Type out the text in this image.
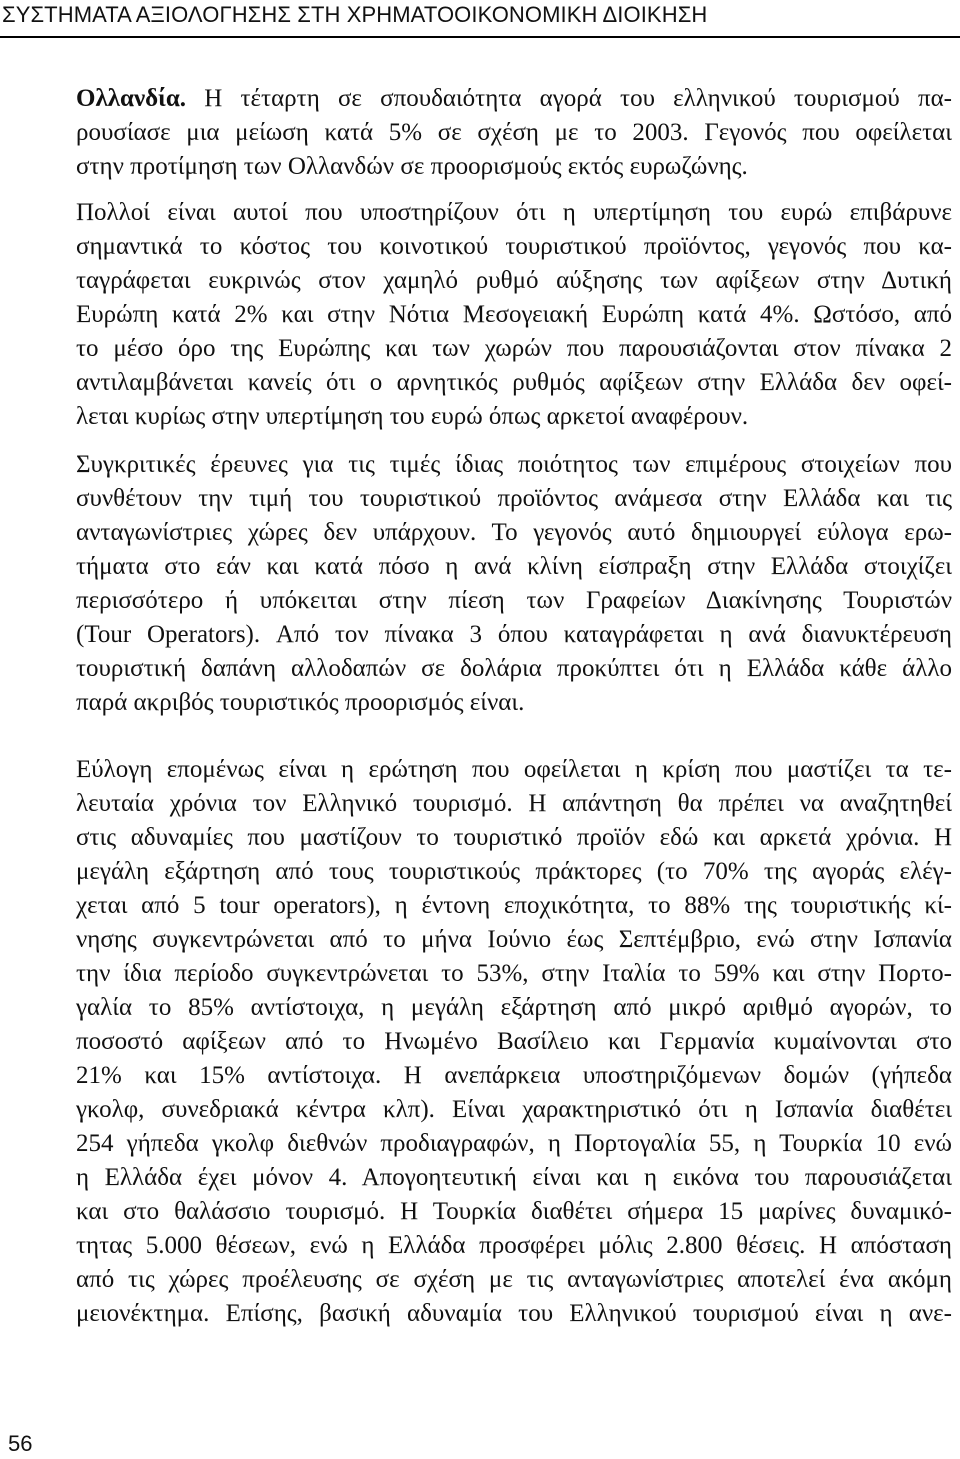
ΣΥΣΤΗΜΑΤΑ ΑΞΙΟΛΟΓΗΣΗΣ ΣΤΗ ΧΡΗΜΑΤΟΟΙΚΟΝΟΜΙΚΗ ΔΙΟΙΚΗΣΗ
Ολλανδία. Η τέταρτη σε σπουδαιότητα αγορά του ελληνικού τουρισμού πα-
ρουσίασε μια μείωση κατά 5% σε σχέση με το 2003. Γεγονός που οφείλεται
στην προτίμηση των Ολλανδών σε προορισμούς εκτός ευρωζώνης.
Πολλοί είναι αυτοί που υποστηρίζουν ότι η υπερτίμηση του ευρώ επιβάρυνε
σημαντικά το κόστος του κοινοτικού τουριστικού προϊόντος, γεγονός που κα-
ταγράφεται ευκρινώς στον χαμηλό ρυθμό αύξησης των αφίξεων στην Δυτική
Ευρώπη κατά 2% και στην Νότια Μεσογειακή Ευρώπη κατά 4%. Ωστόσο, από
το μέσο όρο της Ευρώπης και των χωρών που παρουσιάζονται στον πίνακα 2
αντιλαμβάνεται κανείς ότι ο αρνητικός ρυθμός αφίξεων στην Ελλάδα δεν οφεί-
λεται κυρίως στην υπερτίμηση του ευρώ όπως αρκετοί αναφέρουν.
Συγκριτικές έρευνες για τις τιμές ίδιας ποιότητος των επιμέρους στοιχείων που
συνθέτουν την τιμή του τουριστικού προϊόντος ανάμεσα στην Ελλάδα και τις
ανταγωνίστριες χώρες δεν υπάρχουν. Το γεγονός αυτό δημιουργεί εύλογα ερω-
τήματα στο εάν και κατά πόσο η ανά κλίνη είσπραξη στην Ελλάδα στοιχίζει
περισσότερο ή υπόκειται στην πίεση των Γραφείων Διακίνησης Τουριστών
(Tour Operators). Από τον πίνακα 3 όπου καταγράφεται η ανά διανυκτέρευση
τουριστική δαπάνη αλλοδαπών σε δολάρια προκύπτει ότι η Ελλάδα κάθε άλλο
παρά ακριβός τουριστικός προορισμός είναι.
Εύλογη επομένως είναι η ερώτηση που οφείλεται η κρίση που μαστίζει τα τε-
λευταία χρόνια τον Ελληνικό τουρισμό. Η απάντηση θα πρέπει να αναζητηθεί
στις αδυναμίες που μαστίζουν το τουριστικό προϊόν εδώ και αρκετά χρόνια. Η
μεγάλη εξάρτηση από τους τουριστικούς πράκτορες (το 70% της αγοράς ελέγ-
χεται από 5 tour operators), η έντονη εποχικότητα, το 88% της τουριστικής κί-
νησης συγκεντρώνεται από το μήνα Ιούνιο έως Σεπτέμβριο, ενώ στην Ισπανία
την ίδια περίοδο συγκεντρώνεται το 53%, στην Ιταλία το 59% και στην Πορτο-
γαλία το 85% αντίστοιχα, η μεγάλη εξάρτηση από μικρό αριθμό αγορών, το
ποσοστό αφίξεων από το Ηνωμένο Βασίλειο και Γερμανία κυμαίνονται στο
21% και 15% αντίστοιχα. Η ανεπάρκεια υποστηριζόμενων δομών (γήπεδα
γκολφ, συνεδριακά κέντρα κλπ). Είναι χαρακτηριστικό ότι η Ισπανία διαθέτει
254 γήπεδα γκολφ διεθνών προδιαγραφών, η Πορτογαλία 55, η Τουρκία 10 ενώ
η Ελλάδα έχει μόνον 4. Απογοητευτική είναι και η εικόνα του παρουσιάζεται
και στο θαλάσσιο τουρισμό. Η Τουρκία διαθέτει σήμερα 15 μαρίνες δυναμικό-
τητας 5.000 θέσεων, ενώ η Ελλάδα προσφέρει μόλις 2.800 θέσεις. Η απόσταση
από τις χώρες προέλευσης σε σχέση με τις ανταγωνίστριες αποτελεί ένα ακόμη
μειονέκτημα. Επίσης, βασική αδυναμία του Ελληνικού τουρισμού είναι η ανε-
56
